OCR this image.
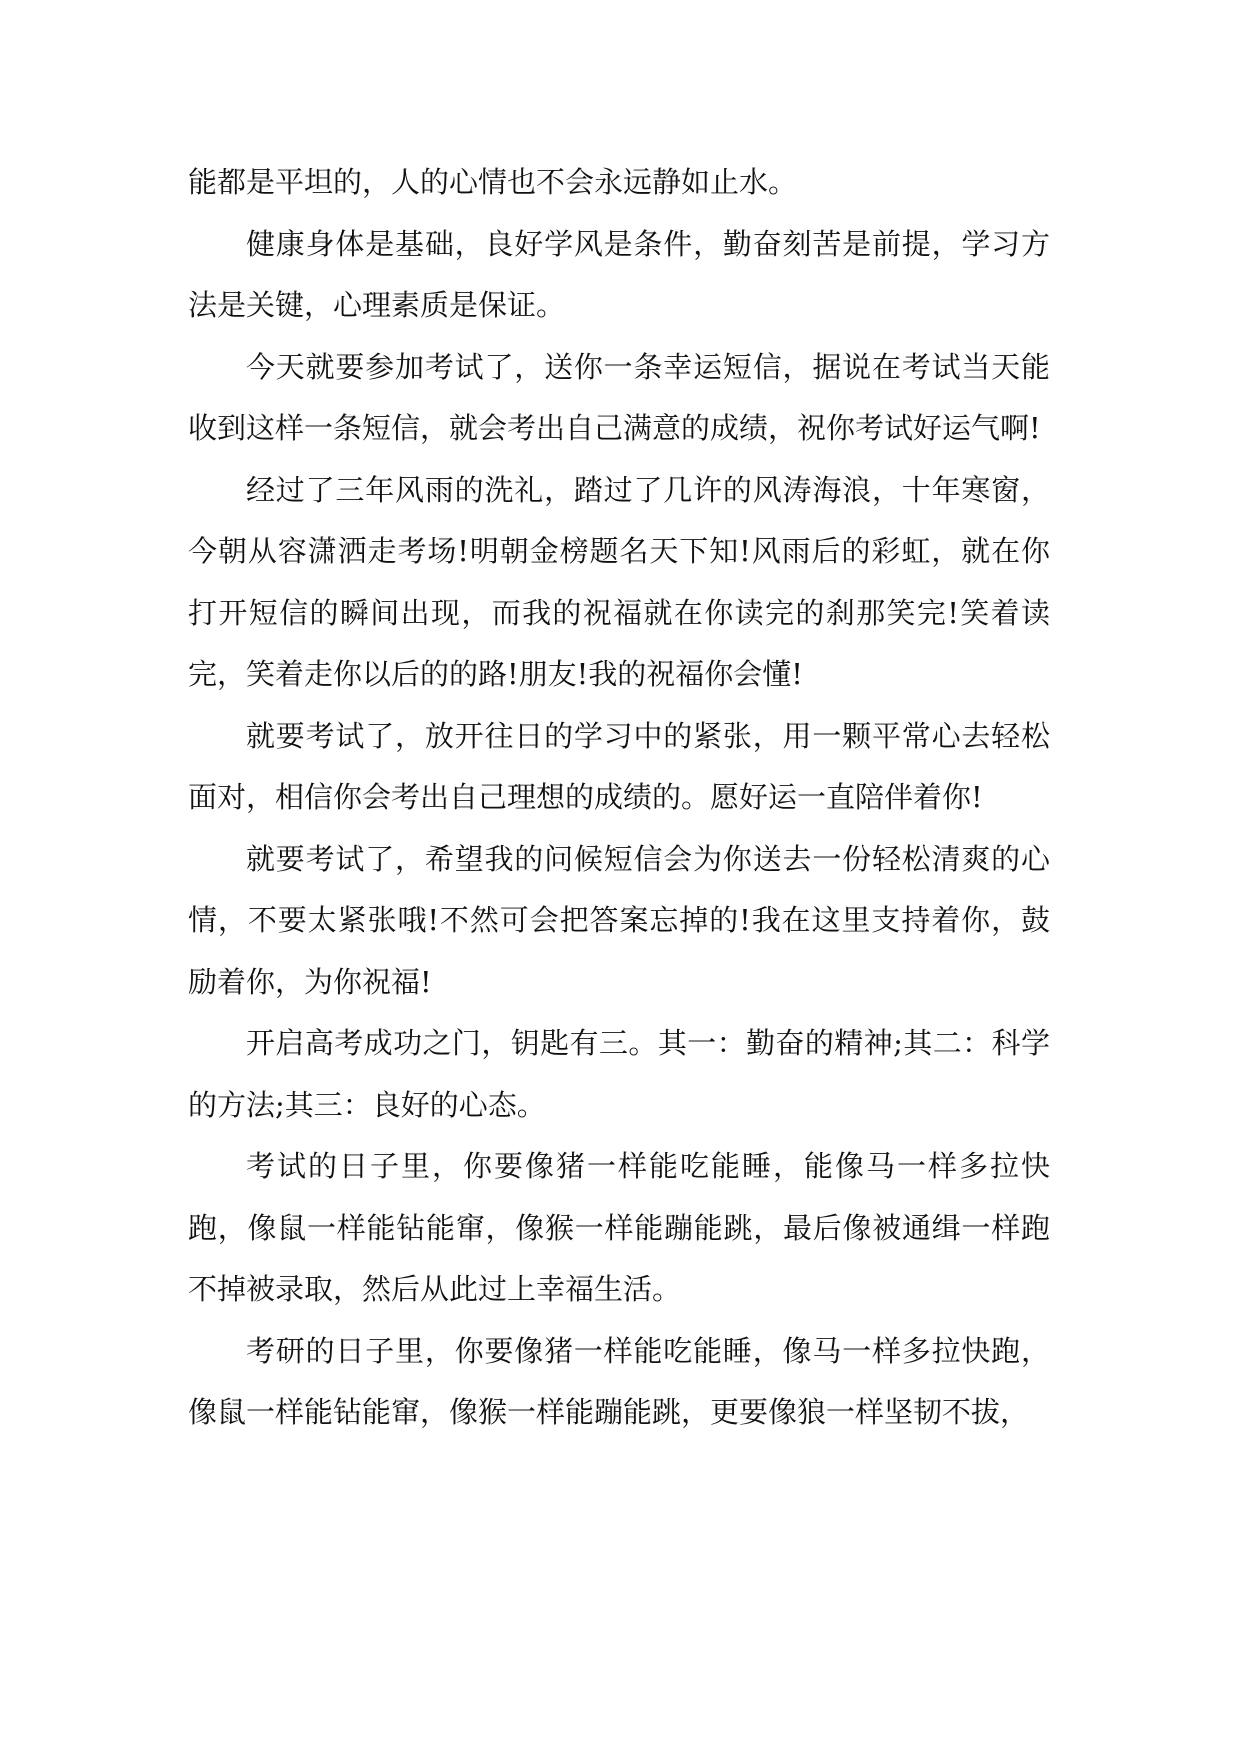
能都是平坦的，人的心情也不会永远静如止水。

健康身体是基础，良好学风是条件，勤奋刻苦是前提，学习方法是关键，心理素质是保证。

今天就要参加考试了，送你一条幸运短信，据说在考试当天能收到这样一条短信，就会考出自己满意的成绩，祝你考试好运气啊!

经过了三年风雨的洗礼，踏过了几许的风涛海浪，十年寒窗，今朝从容潇洒走考场!明朝金榜题名天下知!风雨后的彩虹，就在你打开短信的瞬间出现，而我的祝福就在你读完的刹那笑完!笑着读完，笑着走你以后的的路!朋友!我的祝福你会懂!

就要考试了，放开往日的学习中的紧张，用一颗平常心去轻松面对，相信你会考出自己理想的成绩的。愿好运一直陪伴着你!

就要考试了，希望我的问候短信会为你送去一份轻松清爽的心情，不要太紧张哦!不然可会把答案忘掉的!我在这里支持着你，鼓励着你，为你祝福!

开启高考成功之门，钥匙有三。其一：勤奋的精神;其二：科学的方法;其三：良好的心态。

考试的日子里，你要像猪一样能吃能睡，能像马一样多拉快跑，像鼠一样能钻能窜，像猴一样能蹦能跳，最后像被通缉一样跑不掉被录取，然后从此过上幸福生活。

考研的日子里，你要像猪一样能吃能睡，像马一样多拉快跑，像鼠一样能钻能窜，像猴一样能蹦能跳，更要像狼一样坚韧不拔，
